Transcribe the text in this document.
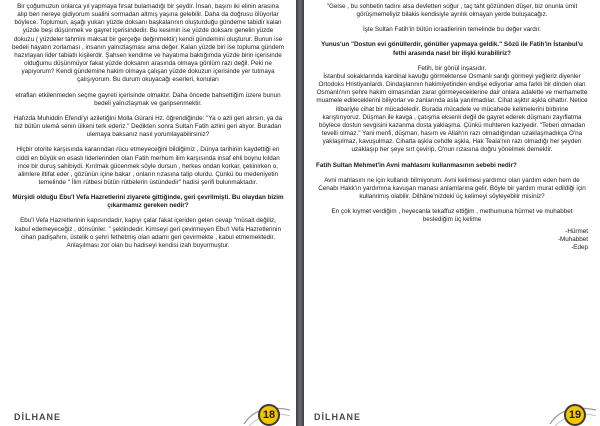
Bir çoğumuzun onlarca yıl yapmaya fırsat bulamadığı bir şeydir. İnsan, başını iki elinin arasına alıp ben nereye gidiyorum sualini sormadan altmış yaşına gelebilir. Daha da doğrusu ölüyorlar böylece. Toplumun, aşağı yukarı yüzde doksanı başkalarının oluşturduğu gündeme tabidir kalan yüzde beşi düşünmek ve gayret içerisindedir. Bu kesimin ise yüzde doksanı genelin yüzde dokuzu ( yüzdeler tahmini maksat bir gerçeğe değinmektir) kendi gündemini oluşturur. Bunun ise bedeli hayatın zorlaması , insanın yalnızlaşması ama değer. Kalan yüzde biri ise topluma gündem hazırlayan lider tabiatlı kişilerdir. Şahsen kendime ve hayatıma baktığımda yüzde birin içerisinde olduğumu düşünmüyor fakat yüzde doksanın arasında olmaya gönlüm razı değil. Peki ne yapıyorum? Kendi gündemine hakim olmaya çalışan yüzde dokuzun içerisinde yer tutmaya çalışıyorum. Bu durum okuyacağı eserleri, konuları

etrafları etkilenmeden seçme gayreti içerisinde olmaktır. Daha öncede bahsettiğim üzere bunun bedeli yalnızlaşmak ve garipsenmektir.

Hafızda Muhiddin Efendi'yi aziletiğini Molla Gürani Hz. öğrendiğinde: "Ya o azli geri alırsın, ya da biz bütün ulemâ senin ülkeni terk ederiz." Dedikten sonra Sultan Fatih azlini geri alıyor. Buradan ulemaya baksanız nasıl yorumlayabilirsiniz?

Hiçbir otorite karşısında kararından rücu etmeyeceğini bildiğimiz , Dünya tarihinin kaydettiği en ciddi en büyük en esaslı liderlerinden olan Fatih merhum ilim karşısında insaf ehli boynu kıldan ince bir duruş sahibiydi. Kırılmak gücenmek söyle dursun , herkes ondan korkar, çekinirken o, alimlere iltifat eder , gözünün içine bakar , onların rızasına talip olurdu. Çünkü bu medeniyetin temelinde " İlim rütbesi bütün rütbelerin üstündedir" hadisi şerifi bulunmaktadır.

Mürşidi olduğu Ebu'l Vefa Hazretlerini ziyarete gittiğinde, geri çevrilmişti. Bu olaydan bizim çıkarmamız gereken nedir?

Ebu'l Vefa Hazretlerinin kapısındadır, kapıyı çalar fakat içeriden gelen cevap "müsait değiliz, kabul edemeyeceğiz , dönsünler. " şeklindedir. Kimseyi geri çevirmeyen Ebu'l Vefa Hazretlerinin cihan padişahını, üstelik o şehri fethetmiş olan adamı geri çevirmekte , kabul etmemektedir. Anlaşılması zor olan bu hadiseyi kendisi izah buyurmuştur.

DİLHANE	18

"Gelse , bu sohbetin tadını alsa devletten soğur , taç taht gözünden düşer, biz onunla ümit görüşmemeliyiz bilakis kendisiyle ayrılık olmayan yerde buluşacağız.

İşte Sultan Fatih'in bütün icraatlerinin temelinde bu değer vardır.

Yunus'un "Dostun evi gönüllerdir, gönüller yapmaya geldik." Sözü ile Fatih'in İstanbul'u fethi arasında nasıl bir ilişki kurabiliriz?

Fetih, bir gönül inşasıdır.

İstanbul sokaklarında kardinal kavuğu görmektense Osmanlı sarığı görmeyi yeğleriz diyenler Ortodoks Hristiyanlardı. Dindaşlarının hakimiyetinden endişe ediyorlar ama farklı bir dinden olan Osmanlı'nın şehre hakim olmasından zarar görmeyeceklerine dair onlara adalette ve merhamette muamele edileceklerini biliyorlar ve zanlarında asla yanılmadılar. Cihat aşktır aşkla cihattır. Netice itibariyle cihat bir mücadeledir. Burada mücadele ve mücahede kelimelerini birbirine karıştırıyoruz. Düşman ile kavga , çatışma eksenli değil de gayret ederek düşmanı zayıflatma böylece dostun sevgisini kazanma dosta yaklaşma. Çünkü muhteren kaziyedir. "Teberi olmadan tevelli olmaz." Yani menfi, düşman, hasım ve Allah'ın razı olmadığından uzaklaşmadıkça O'na yaklaşılmaz, kavuşulmaz. Cihatta aşkla cehdle aşkla, Hak Teala'nın razı olmadığı her şeyden uzaklaşıp her şeye sırt çevirip, O'nun rızasına doğru yönelmek demektir.

Fatih Sultan Mehmet'in Avni mahlasını kullanmasının sebebi nedir?

Avni mahlasını ne için kullandı bilmiyorum. Avni kelimesi yardımcı olan yardım eden hem de Cenabı Hakk'ın yardımına kavuşan manası anlamlarına gelir. Böyle bir yardım murat edildiği için kullanılmış olabilir. Dilhâne'nizdeki üç kelimeyi söyleyebilir misiniz?

En çok kıymet verdiğim , heyecanla tekaffuz ettiğim , methumuna hürmet ve muhabbet beslediğim üç kelime

-Hürmet

-Muhabbet

-Edep

DİLHANE	19
